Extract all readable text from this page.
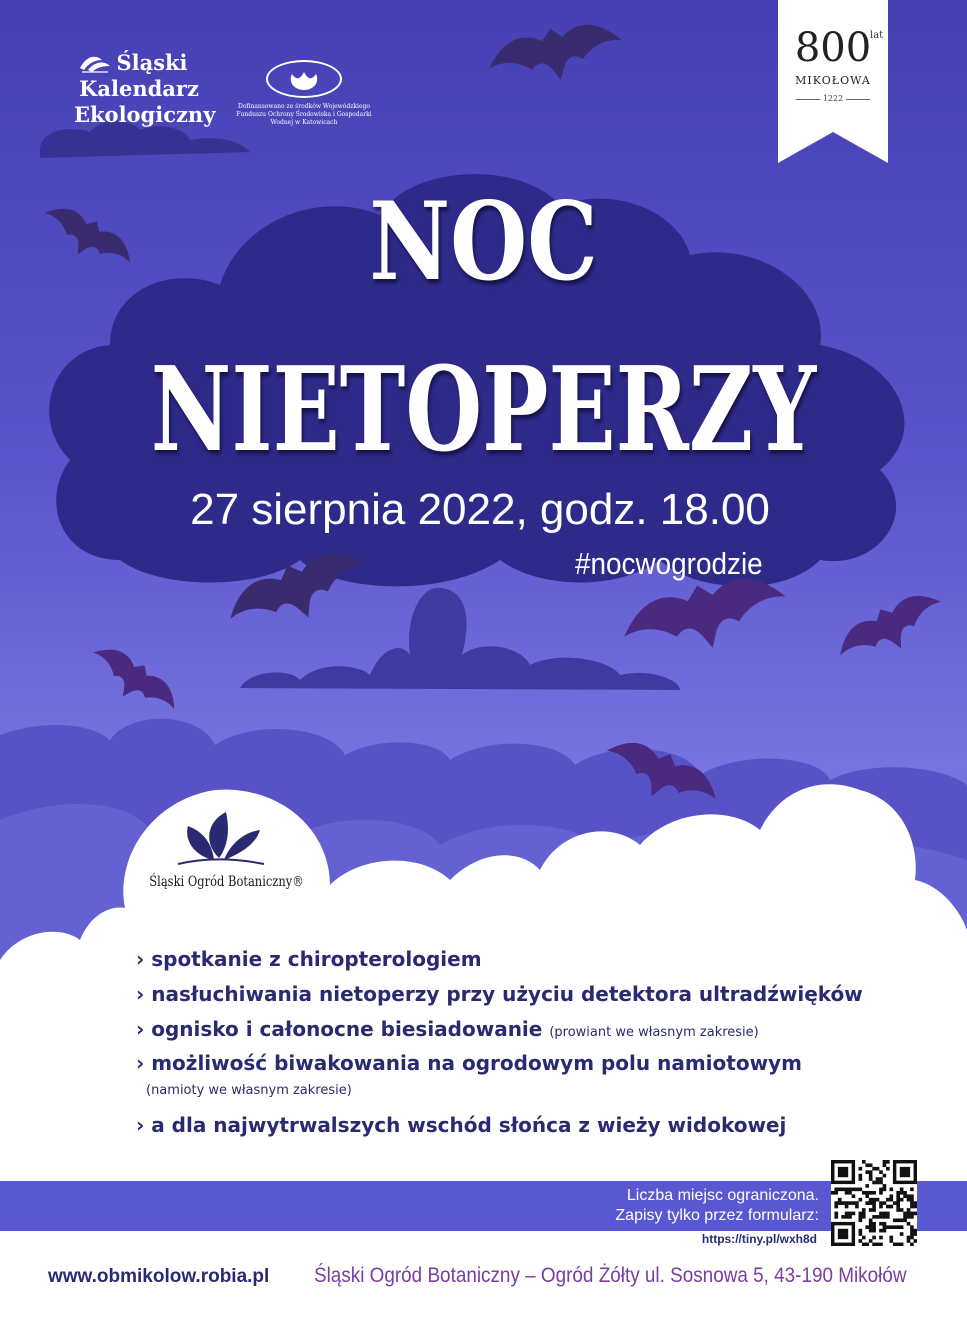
Śląski
Kalendarz
Ekologiczny	Dofinansowano ze środków Wojewódzkiego Funduszu Ochrony Środowiska i Gospodarki Wodnej w Katowicach
800
lat
MIKOŁOWA
1222
NOC
NIETOPERZY
27 sierpnia 2022, godz. 18.00
#nocwogrodzie
Śląski Ogród Botaniczny®
› spotkanie z chiropterologiem
› nasłuchiwania nietoperzy przy użyciu detektora ultradźwięków
› ognisko i całonocne biesiadowanie (prowiant we własnym zakresie)
› możliwość biwakowania na ogrodowym polu namiotowym
(namioty we własnym zakresie)
› a dla najwytrwalszych wschód słońca z wieży widokowej
Liczba miejsc ograniczona.
Zapisy tylko przez formularz:
https://tiny.pl/wxh8d
www.obmikolow.robia.pl Śląski Ogród Botaniczny – Ogród Żółty ul. Sosnowa 5, 43-190 Mikołów
